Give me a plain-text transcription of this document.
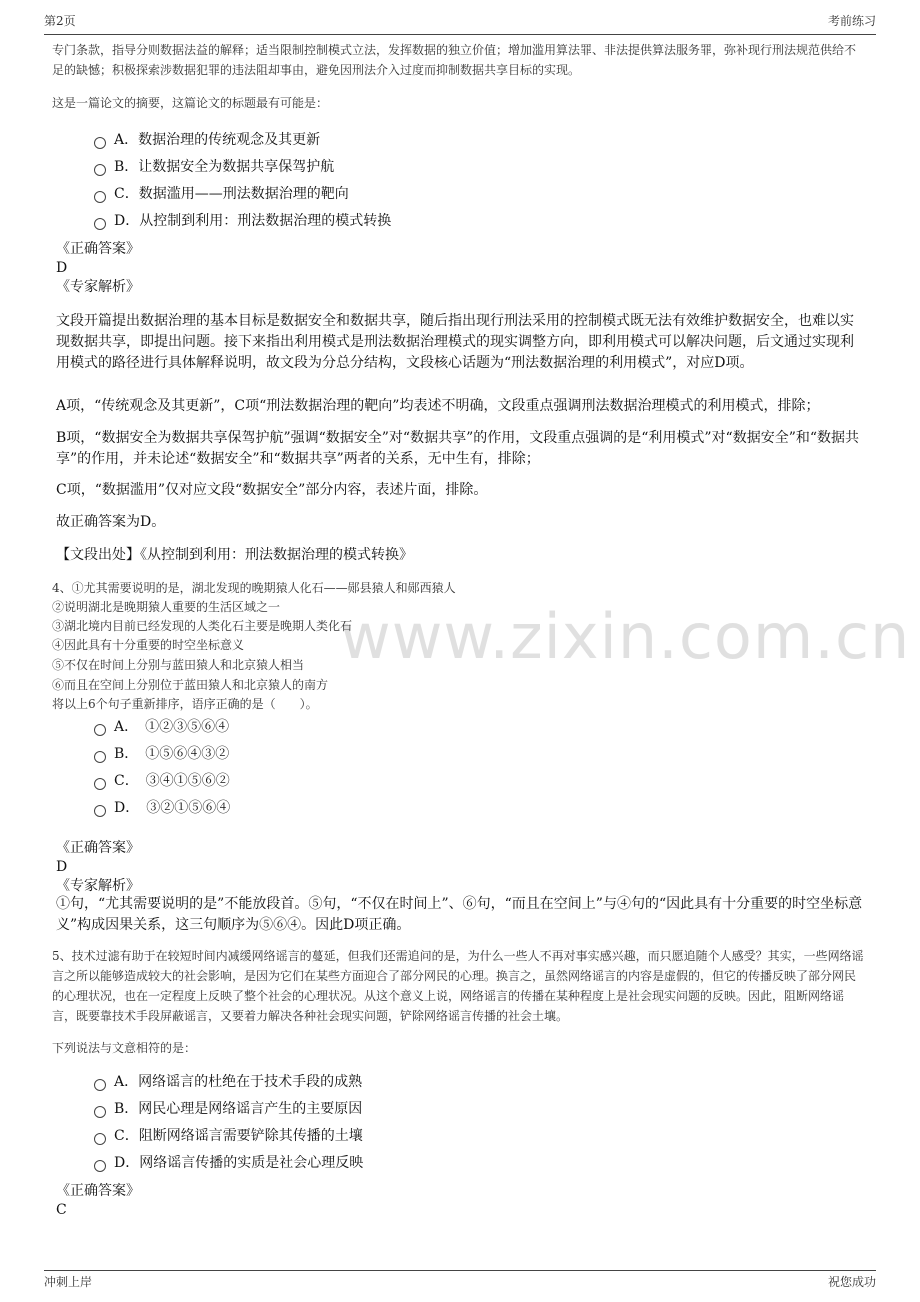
第2页	考前练习
www.zixin.com.cn
专门条款，指导分则数据法益的解释；适当限制控制模式立法，发挥数据的独立价值；增加滥用算法罪、非法提供算法服务罪，弥补现行刑法规范供给不足的缺憾；积极探索涉数据犯罪的违法阻却事由，避免因刑法介入过度而抑制数据共享目标的实现。
这是一篇论文的摘要，这篇论文的标题最有可能是：
A．数据治理的传统观念及其更新
B．让数据安全为数据共享保驾护航
C．数据滥用——刑法数据治理的靶向
D．从控制到利用：刑法数据治理的模式转换
《正确答案》
D
《专家解析》
文段开篇提出数据治理的基本目标是数据安全和数据共享，随后指出现行刑法采用的控制模式既无法有效维护数据安全，也难以实现数据共享，即提出问题。接下来指出利用模式是刑法数据治理模式的现实调整方向，即利用模式可以解决问题，后文通过实现利用模式的路径进行具体解释说明，故文段为分总分结构，文段核心话题为“刑法数据治理的利用模式”，对应D项。
A项，“传统观念及其更新”，C项“刑法数据治理的靶向”均表述不明确，文段重点强调刑法数据治理模式的利用模式，排除；
B项，“数据安全为数据共享保驾护航”强调“数据安全”对“数据共享”的作用，文段重点强调的是“利用模式”对“数据安全”和“数据共享”的作用，并未论述“数据安全”和“数据共享”两者的关系，无中生有，排除；
C项，“数据滥用”仅对应文段“数据安全”部分内容，表述片面，排除。
故正确答案为D。
【文段出处】《从控制到利用：刑法数据治理的模式转换》
4、①尤其需要说明的是，湖北发现的晚期猿人化石——郧县猿人和郧西猿人
②说明湖北是晚期猿人重要的生活区域之一
③湖北境内目前已经发现的人类化石主要是晚期人类化石
④因此具有十分重要的时空坐标意义
⑤不仅在时间上分别与蓝田猿人和北京猿人相当
⑥而且在空间上分别位于蓝田猿人和北京猿人的南方
将以上6个句子重新排序，语序正确的是（　　）。
A．　①②③⑤⑥④
B．　①⑤⑥④③②
C．　③④①⑤⑥②
D．　③②①⑤⑥④
《正确答案》
D
《专家解析》
①句，“尤其需要说明的是”不能放段首。⑤句，“不仅在时间上”、⑥句，“而且在空间上”与④句的“因此具有十分重要的时空坐标意义”构成因果关系，这三句顺序为⑤⑥④。因此D项正确。
5、技术过滤有助于在较短时间内减缓网络谣言的蔓延，但我们还需追问的是，为什么一些人不再对事实感兴趣，而只愿追随个人感受？其实，一些网络谣言之所以能够造成较大的社会影响，是因为它们在某些方面迎合了部分网民的心理。换言之，虽然网络谣言的内容是虚假的，但它的传播反映了部分网民的心理状况，也在一定程度上反映了整个社会的心理状况。从这个意义上说，网络谣言的传播在某种程度上是社会现实问题的反映。因此，阻断网络谣言，既要靠技术手段屏蔽谣言，又要着力解决各种社会现实问题，铲除网络谣言传播的社会土壤。
下列说法与文意相符的是：
A．网络谣言的杜绝在于技术手段的成熟
B．网民心理是网络谣言产生的主要原因
C．阻断网络谣言需要铲除其传播的土壤
D．网络谣言传播的实质是社会心理反映
《正确答案》
C
冲刺上岸	祝您成功
